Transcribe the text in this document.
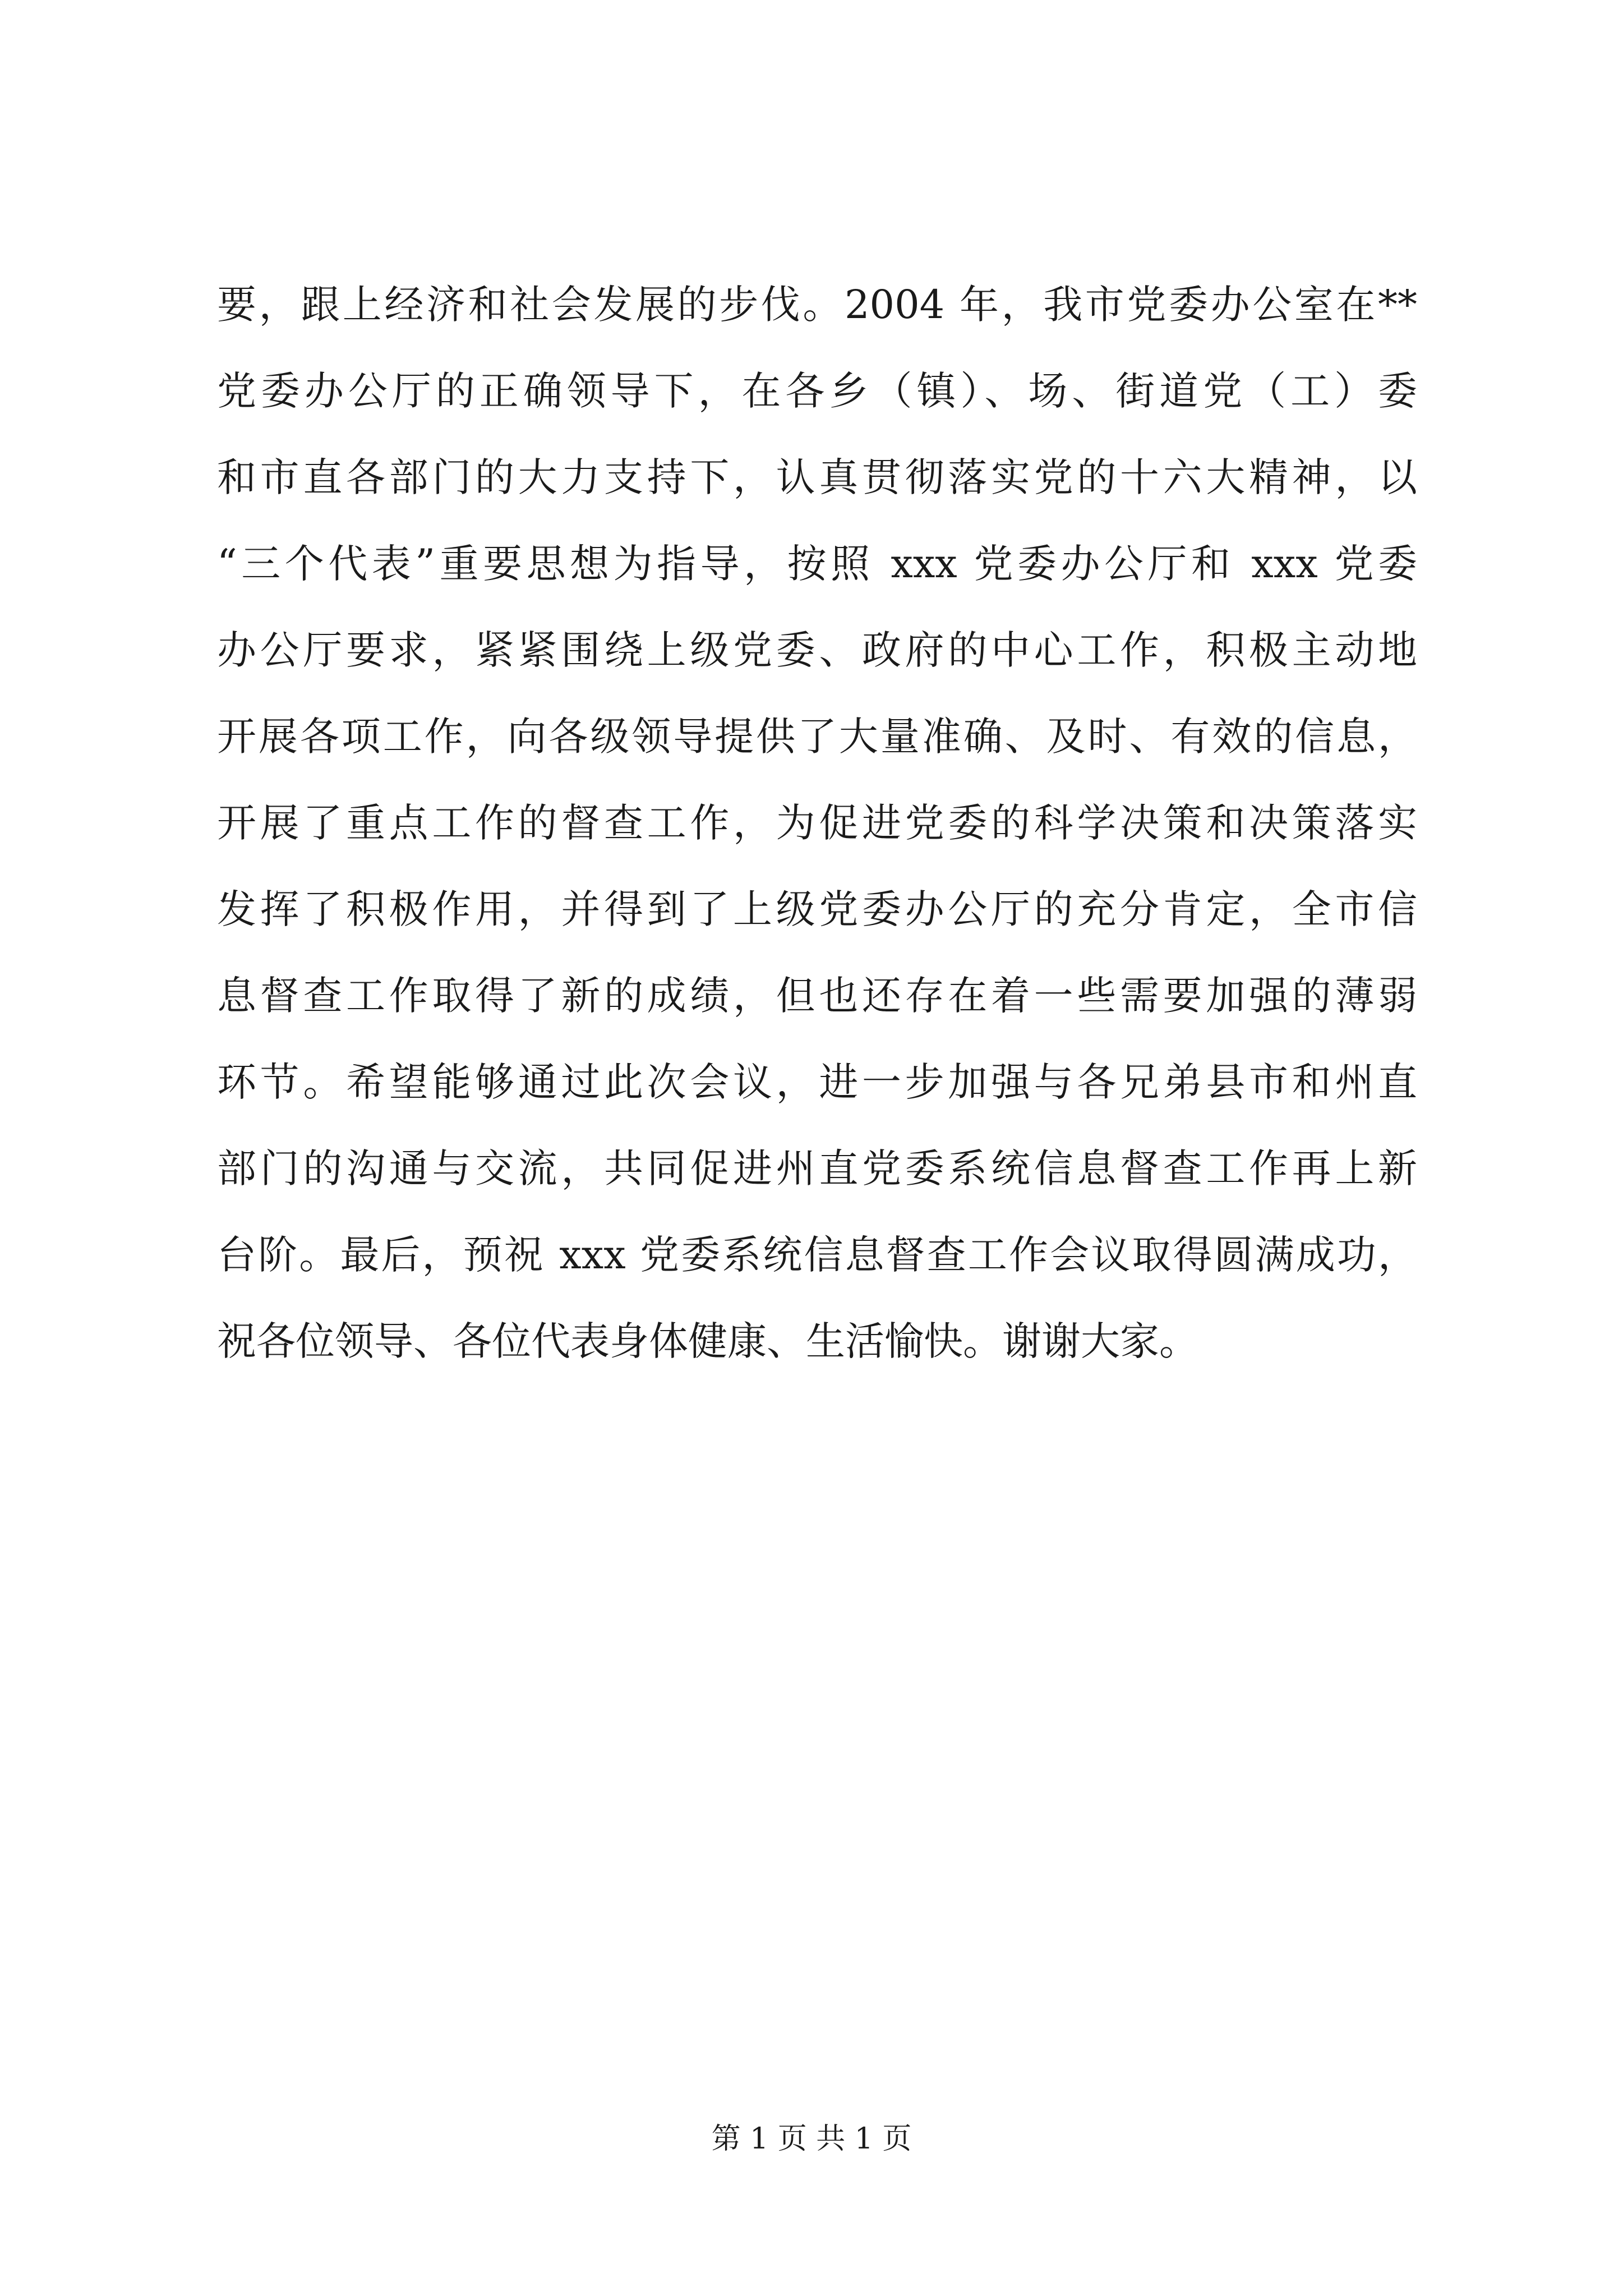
要，跟上经济和社会发展的步伐。2004 年，我市党委办公室在**
党委办公厅的正确领导下，在各乡（镇）、场、街道党（工）委
和市直各部门的大力支持下，认真贯彻落实党的十六大精神，以
“三个代表”重要思想为指导，按照 xxx 党委办公厅和 xxx 党委
办公厅要求，紧紧围绕上级党委、政府的中心工作，积极主动地
开展各项工作，向各级领导提供了大量准确、及时、有效的信息，
开展了重点工作的督查工作，为促进党委的科学决策和决策落实
发挥了积极作用，并得到了上级党委办公厅的充分肯定，全市信
息督查工作取得了新的成绩，但也还存在着一些需要加强的薄弱
环节。希望能够通过此次会议，进一步加强与各兄弟县市和州直
部门的沟通与交流，共同促进州直党委系统信息督查工作再上新
台阶。最后，预祝 xxx 党委系统信息督查工作会议取得圆满成功，
祝各位领导、各位代表身体健康、生活愉快。谢谢大家。
第 1 页 共 1 页
